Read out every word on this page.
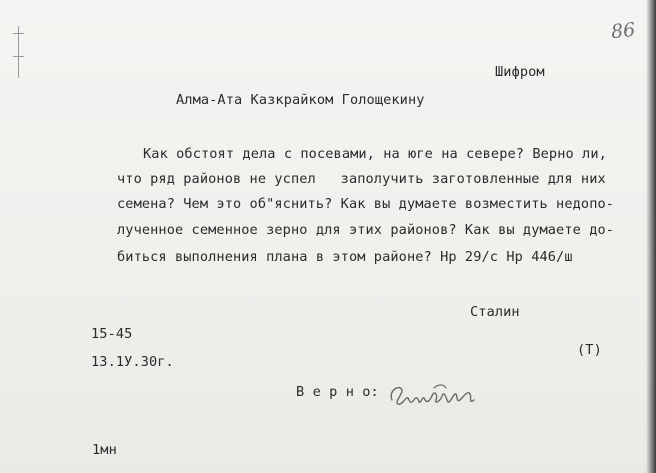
86
Шифром
Алма-Ата Казкрайком Голощекину
Как обстоят дела с посевами, на юге на севере? Верно ли,
что ряд районов не успел   заполучить заготовленные для них
семена? Чем это об"яснить? Как вы думаете возместить недопо-
лученное семенное зерно для этих районов? Как вы думаете до-
биться выполнения плана в этом районе? Нр 29/с Нр 446/ш
Сталин
15-45
13.1У.30г.
(Т)
В е р н о:
1мн
